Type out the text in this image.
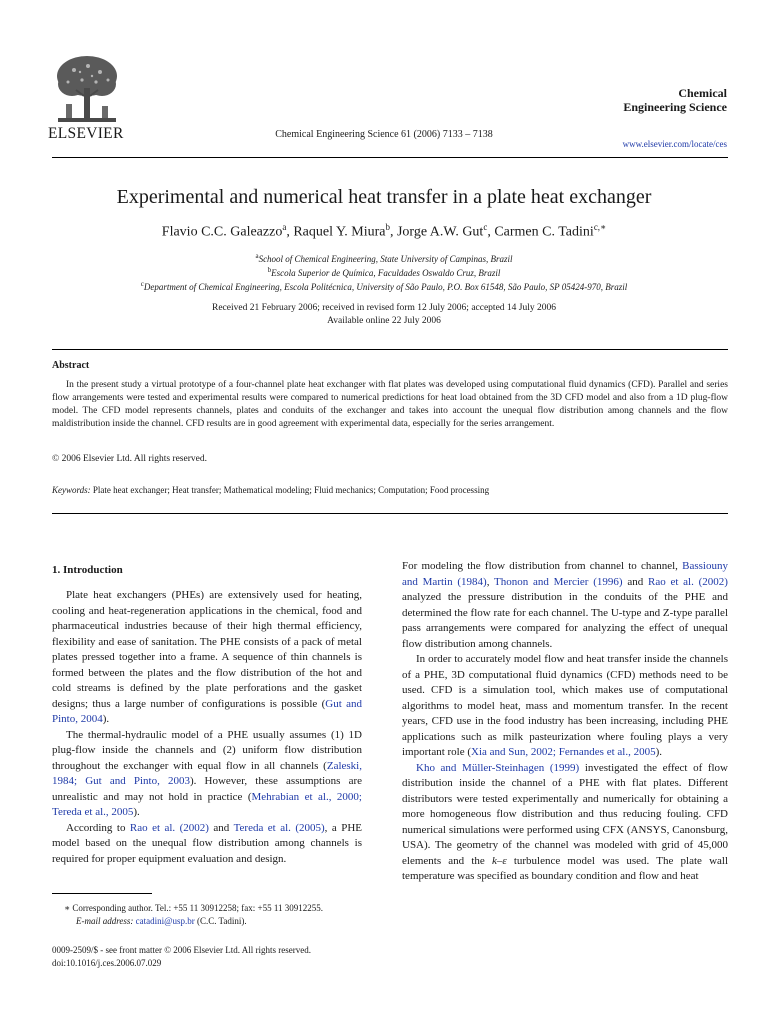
ELSEVIER	Chemical Engineering Science 61 (2006) 7133 – 7138
Chemical
Engineering Science
www.elsevier.com/locate/ces
Experimental and numerical heat transfer in a plate heat exchanger
Flavio C.C. Galeazzo$^a$, Raquel Y. Miura$^b$, Jorge A.W. Gut$^c$, Carmen C. Tadini$^{c,∗}$
$^a$School of Chemical Engineering, State University of Campinas, Brazil
$^b$Escola Superior de Química, Faculdades Oswaldo Cruz, Brazil
$^c$Department of Chemical Engineering, Escola Politécnica, University of São Paulo, P.O. Box 61548, São Paulo, SP 05424-970, Brazil
Received 21 February 2006; received in revised form 12 July 2006; accepted 14 July 2006
Available online 22 July 2006
Abstract

In the present study a virtual prototype of a four-channel plate heat exchanger with flat plates was developed using computational fluid dynamics (CFD). Parallel and series flow arrangements were tested and experimental results were compared to numerical predictions for heat load obtained from the 3D CFD model and also from a 1D plug-flow model. The CFD model represents channels, plates and conduits of the exchanger and takes into account the unequal flow distribution among channels and the flow maldistribution inside the channel. CFD results are in good agreement with experimental data, especially for the series arrangement.

© 2006 Elsevier Ltd. All rights reserved.
Keywords: Plate heat exchanger; Heat transfer; Mathematical modeling; Fluid mechanics; Computation; Food processing
1. Introduction

Plate heat exchangers (PHEs) are extensively used for heating, cooling and heat-regeneration applications in the chemical, food and pharmaceutical industries because of their high thermal efficiency, flexibility and ease of sanitation. The PHE consists of a pack of metal plates pressed together into a frame. A sequence of thin channels is formed between the plates and the flow distribution of the hot and cold streams is defined by the plate perforations and the gasket designs; thus a large number of configurations is possible (Gut and Pinto, 2004).

The thermal-hydraulic model of a PHE usually assumes (1) 1D plug-flow inside the channels and (2) uniform flow distribution throughout the exchanger with equal flow in all channels (Zaleski, 1984; Gut and Pinto, 2003). However, these assumptions are unrealistic and may not hold in practice (Mehrabian et al., 2000; Tereda et al., 2005).

According to Rao et al. (2002) and Tereda et al. (2005), a PHE model based on the unequal flow distribution among channels is required for proper equipment evaluation and design.

For modeling the flow distribution from channel to channel, Bassiouny and Martin (1984), Thonon and Mercier (1996) and Rao et al. (2002) analyzed the pressure distribution in the conduits of the PHE and determined the flow rate for each channel. The U-type and Z-type parallel pass arrangements were compared for analyzing the effect of unequal flow distribution among channels.

In order to accurately model flow and heat transfer inside the channels of a PHE, 3D computational fluid dynamics (CFD) methods need to be used. CFD is a simulation tool, which makes use of computational algorithms to model heat, mass and momentum transfer. In the recent years, CFD use in the food industry has been increasing, including PHE applications such as milk pasteurization where fouling plays a very important role (Xia and Sun, 2002; Fernandes et al., 2005).

Kho and Müller-Steinhagen (1999) investigated the effect of flow distribution inside the channel of a PHE with flat plates. Different distributors were tested experimentally and numerically for obtaining a more homogeneous flow distribution and thus reducing fouling. CFD numerical simulations were performed using CFX (ANSYS, Canonsburg, USA). The geometry of the channel was modeled with grid of 45,000 elements and the k–ε turbulence model was used. The plate wall temperature was specified as boundary condition and flow and heat

∗ Corresponding author. Tel.: +55 11 30912258; fax: +55 11 30912255.
E-mail address: catadini@usp.br (C.C. Tadini).
0009-2509/$ - see front matter © 2006 Elsevier Ltd. All rights reserved.
doi:10.1016/j.ces.2006.07.029
